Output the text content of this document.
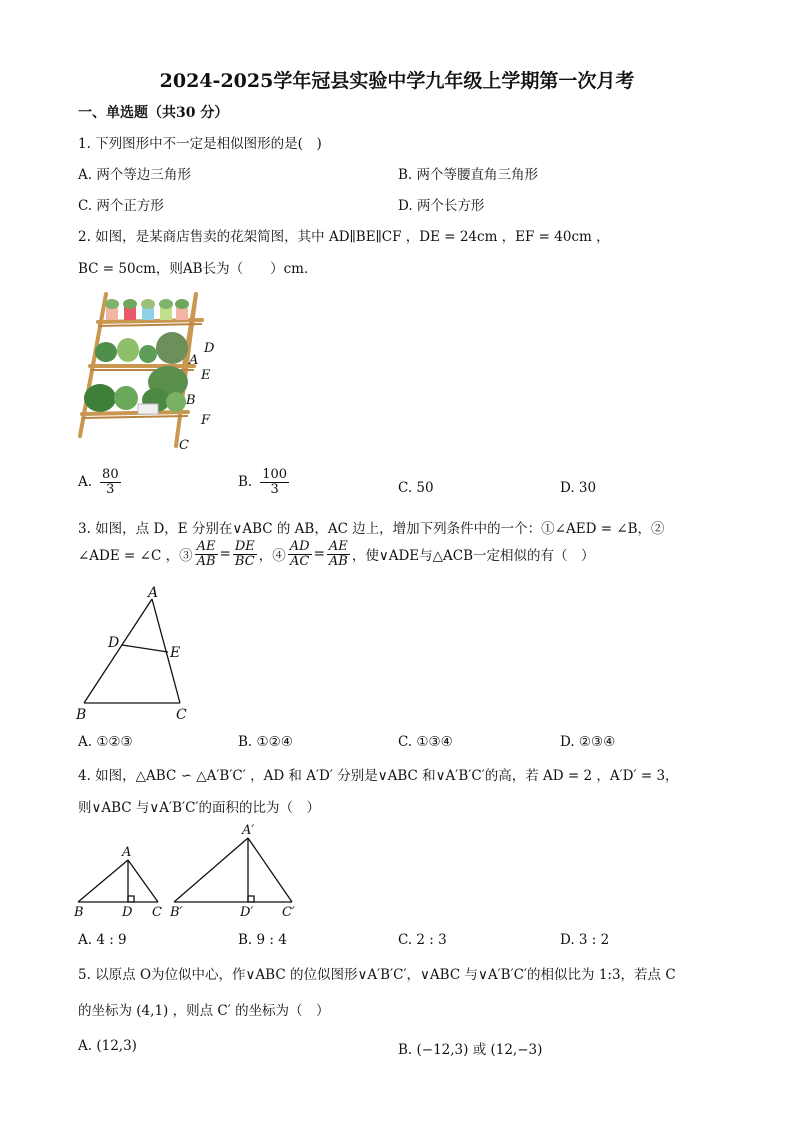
2024-2025学年冠县实验中学九年级上学期第一次月考
一、单选题（共30 分）
1. 下列图形中不一定是相似图形的是(　)
A. 两个等边三角形	B. 两个等腰直角三角形
C. 两个正方形	D. 两个长方形
2. 如图，是某商店售卖的花架简图，其中 AD∥BE∥CF ，DE = 24cm ，EF = 40cm ，
BC = 50cm，则AB长为（　　）cm．
D
A
E
B
F
C
A. $\frac{80}{3}$	B. $\frac{100}{3}$	C. 50	D. 30
3. 如图，点 D，E 分别在∨ABC 的 AB，AC 边上，增加下列条件中的一个：①∠AED = ∠B，②
∠ADE = ∠C ，③ $\frac{AE}{AB} = \frac{DE}{BC}$ ，④ $\frac{AD}{AC} = \frac{AE}{AB}$ ，使∨ADE与△ACB一定相似的有（　）
A
D
E
B	C
A. ①②③	B. ①②④	C. ①③④	D. ②③④
4. 如图，△ABC ∽ △A′B′C′ ，AD 和 A′D′ 分别是∨ABC 和∨A′B′C′的高，若 AD = 2 ，A′D′ = 3，
则∨ABC 与∨A′B′C′的面积的比为（　）
A
B	D C
A′
B′	D′ C′
A. 4 : 9	B. 9 : 4	C. 2 : 3	D. 3 : 2
5. 以原点 O为位似中心，作∨ABC 的位似图形∨A′B′C′，∨ABC 与∨A′B′C′的相似比为 1:3，若点 C
的坐标为 (4,1) ，则点 C′ 的坐标为（　）
A. (12,3)	B. (−12,3) 或 (12,−3)
